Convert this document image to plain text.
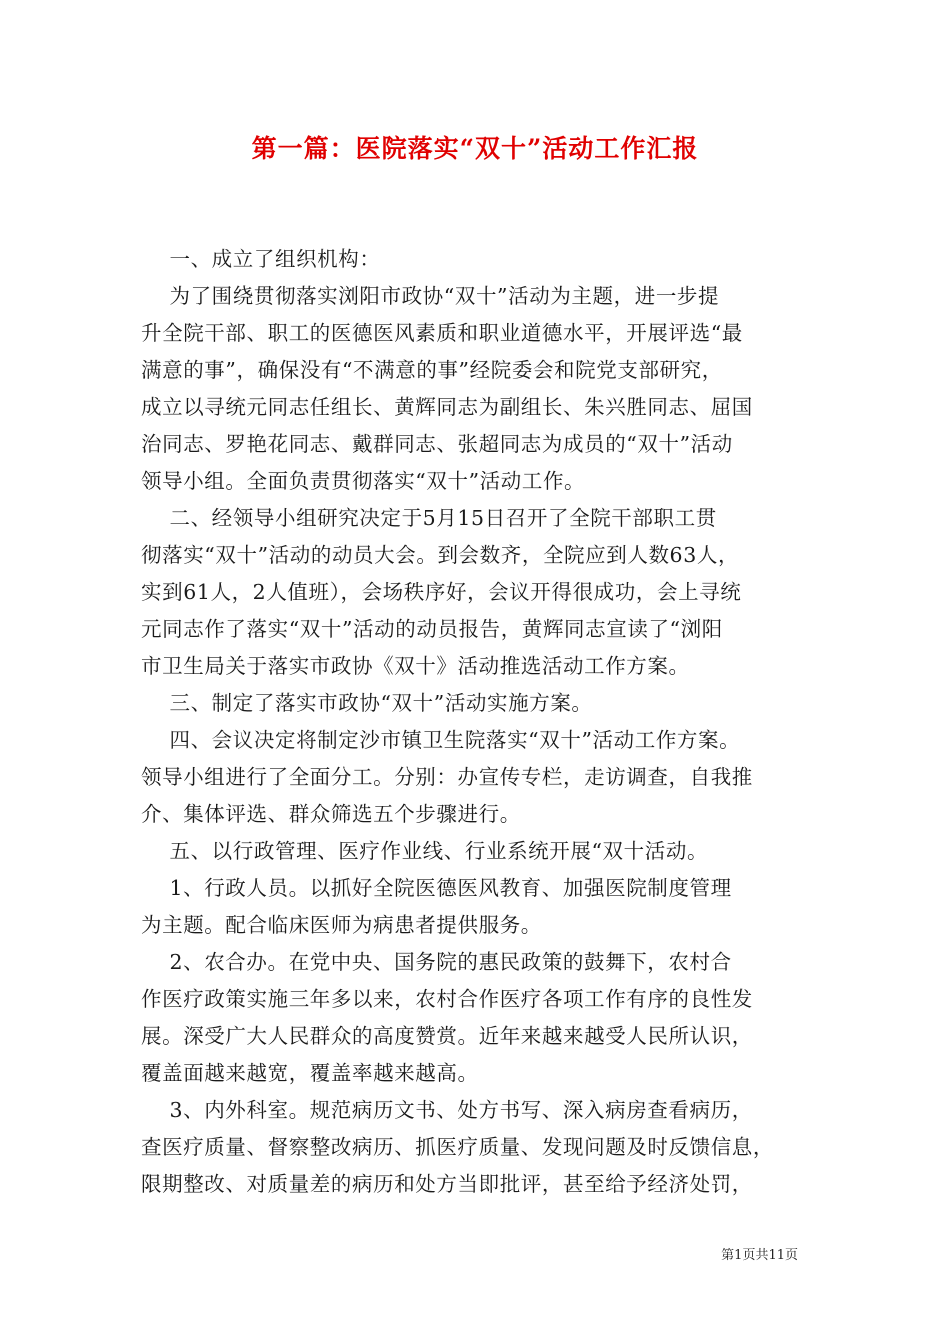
第一篇：医院落实“双十”活动工作汇报
一、成立了组织机构：
为了围绕贯彻落实浏阳市政协“双十”活动为主题，进一步提
升全院干部、职工的医德医风素质和职业道德水平，开展评选“最
满意的事”，确保没有“不满意的事”经院委会和院党支部研究，
成立以寻统元同志任组长、黄辉同志为副组长、朱兴胜同志、屈国
治同志、罗艳花同志、戴群同志、张超同志为成员的“双十”活动
领导小组。全面负责贯彻落实“双十”活动工作。
二、经领导小组研究决定于5月15日召开了全院干部职工贯
彻落实“双十”活动的动员大会。到会数齐，全院应到人数63人，
实到61人，2人值班），会场秩序好，会议开得很成功，会上寻统
元同志作了落实“双十”活动的动员报告，黄辉同志宣读了“浏阳
市卫生局关于落实市政协《双十》活动推选活动工作方案。
三、制定了落实市政协“双十”活动实施方案。
四、会议决定将制定沙市镇卫生院落实“双十”活动工作方案。
领导小组进行了全面分工。分别：办宣传专栏，走访调查，自我推
介、集体评选、群众筛选五个步骤进行。
五、以行政管理、医疗作业线、行业系统开展“双十活动。
1、行政人员。以抓好全院医德医风教育、加强医院制度管理
为主题。配合临床医师为病患者提供服务。
2、农合办。在党中央、国务院的惠民政策的鼓舞下，农村合
作医疗政策实施三年多以来，农村合作医疗各项工作有序的良性发
展。深受广大人民群众的高度赞赏。近年来越来越受人民所认识，
覆盖面越来越宽，覆盖率越来越高。
3、内外科室。规范病历文书、处方书写、深入病房查看病历，
查医疗质量、督察整改病历、抓医疗质量、发现问题及时反馈信息，
限期整改、对质量差的病历和处方当即批评，甚至给予经济处罚，
第1页共11页
